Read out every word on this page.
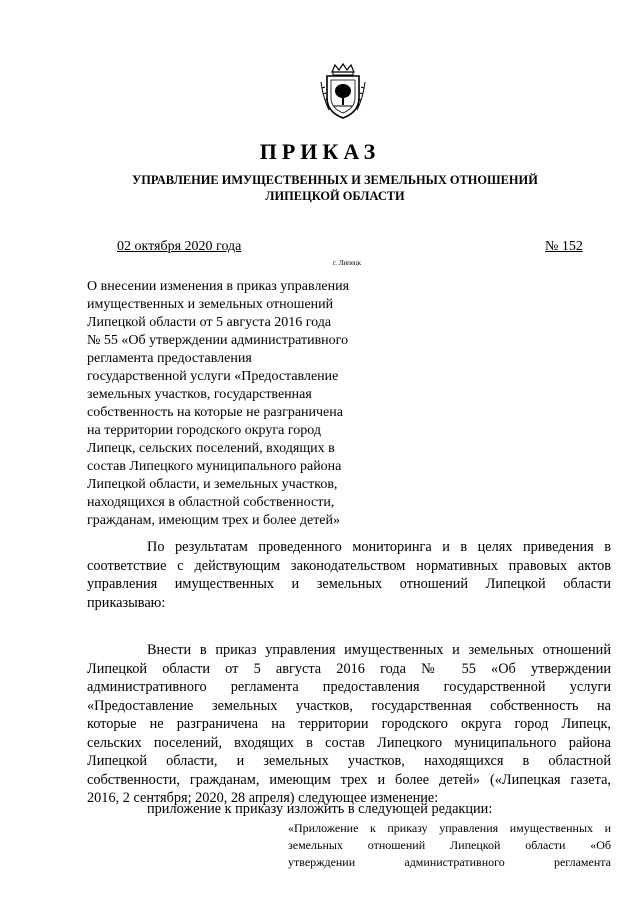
ПРИКАЗ
УПРАВЛЕНИЕ ИМУЩЕСТВЕННЫХ И ЗЕМЕЛЬНЫХ ОТНОШЕНИЙ
ЛИПЕЦКОЙ ОБЛАСТИ
02 октября 2020 года
г. Липецк
№ 152
О внесении изменения в приказ управления
имущественных и земельных отношений
Липецкой области от 5 августа 2016 года
№ 55 «Об утверждении административного
регламента предоставления
государственной услуги «Предоставление
земельных участков, государственная
собственность на которые не разграничена
на территории городского округа город
Липецк, сельских поселений, входящих в
состав Липецкого муниципального района
Липецкой области, и земельных участков,
находящихся в областной собственности,
гражданам, имеющим трех и более детей»
По результатам проведенного мониторинга и в целях приведения в
соответствие с действующим законодательством нормативных правовых актов
управления имущественных и земельных отношений Липецкой области
приказываю:
Внести в приказ управления имущественных и земельных отношений
Липецкой области от 5 августа 2016 года № 55 «Об утверждении
административного регламента предоставления государственной услуги
«Предоставление земельных участков, государственная собственность на
которые не разграничена на территории городского округа город Липецк,
сельских поселений, входящих в состав Липецкого муниципального района
Липецкой области, и земельных участков, находящихся в областной
собственности, гражданам, имеющим трех и более детей» («Липецкая газета,
2016, 2 сентября; 2020, 28 апреля) следующее изменение:
приложение к приказу изложить в следующей редакции:
«Приложение к приказу управления имущественных и
земельных отношений Липецкой области «Об
утверждении административного регламента
